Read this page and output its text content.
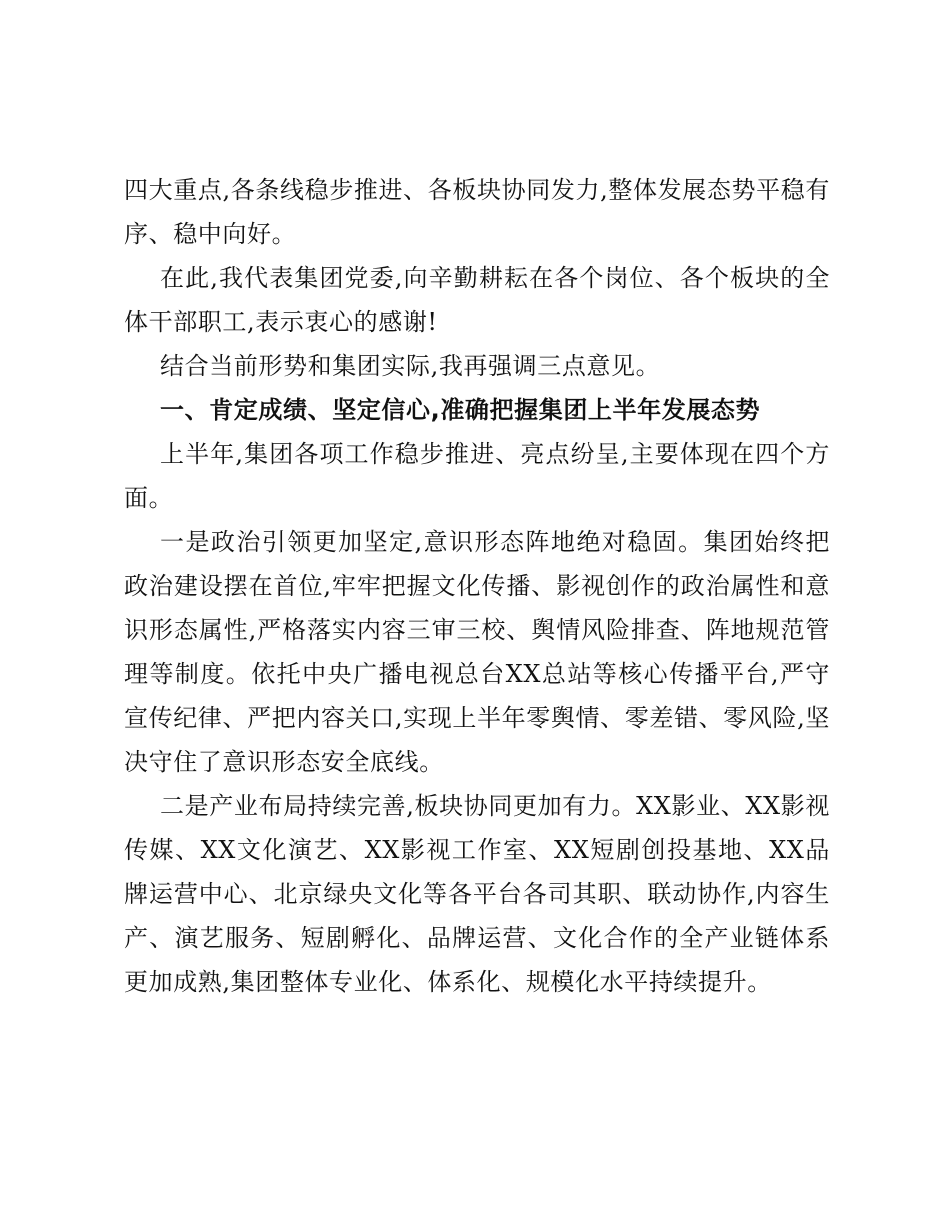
四大重点,各条线稳步推进、各板块协同发力,整体发展态势平稳有序、稳中向好。

在此,我代表集团党委,向辛勤耕耘在各个岗位、各个板块的全体干部职工,表示衷心的感谢!

结合当前形势和集团实际,我再强调三点意见。

一、肯定成绩、坚定信心,准确把握集团上半年发展态势

上半年,集团各项工作稳步推进、亮点纷呈,主要体现在四个方面。

一是政治引领更加坚定,意识形态阵地绝对稳固。集团始终把政治建设摆在首位,牢牢把握文化传播、影视创作的政治属性和意识形态属性,严格落实内容三审三校、舆情风险排查、阵地规范管理等制度。依托中央广播电视总台XX总站等核心传播平台,严守宣传纪律、严把内容关口,实现上半年零舆情、零差错、零风险,坚决守住了意识形态安全底线。

二是产业布局持续完善,板块协同更加有力。XX影业、XX影视传媒、XX文化演艺、XX影视工作室、XX短剧创投基地、XX品牌运营中心、北京绿央文化等各平台各司其职、联动协作,内容生产、演艺服务、短剧孵化、品牌运营、文化合作的全产业链体系更加成熟,集团整体专业化、体系化、规模化水平持续提升。
